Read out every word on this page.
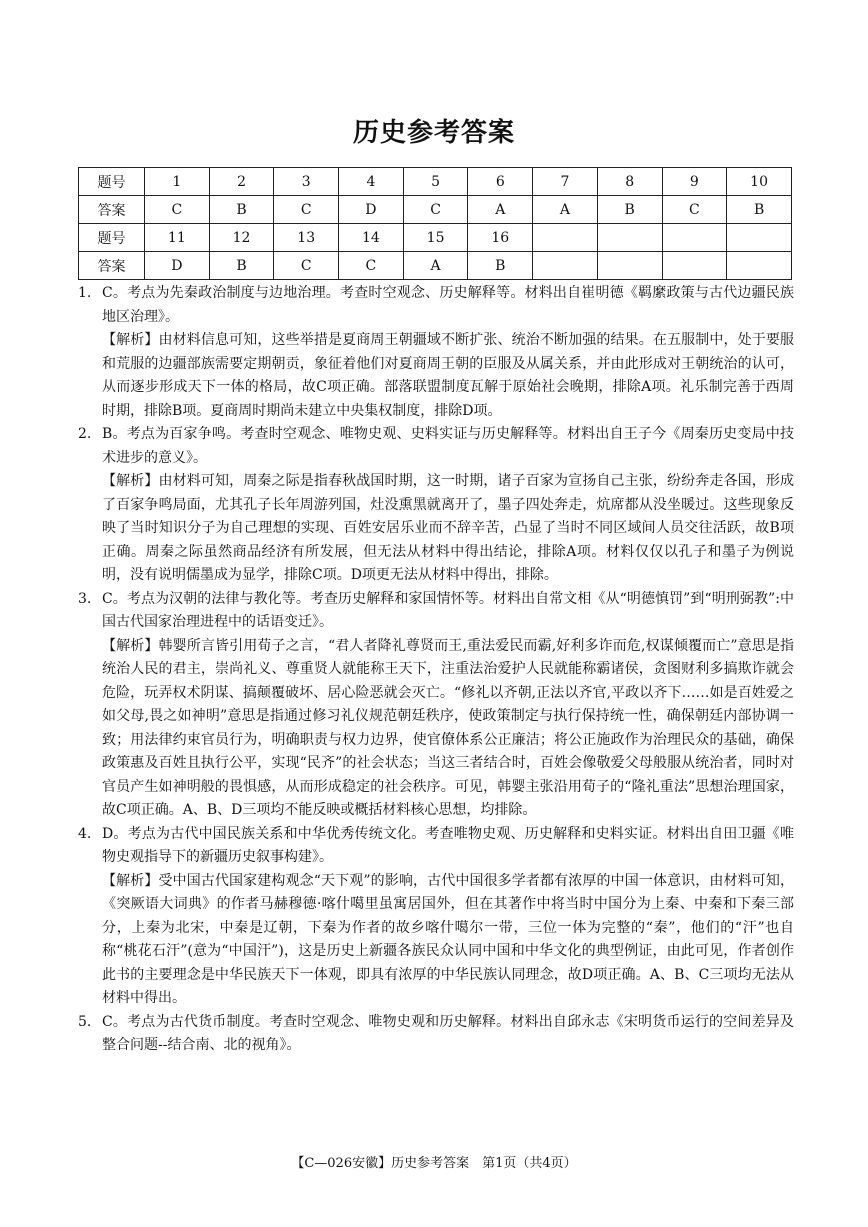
历史参考答案
题号	1	2	3	4	5	6	7	8	9	10
答案	C	B	C	D	C	A	A	B	C	B
题号	11	12	13	14	15	16				
答案	D	B	C	C	A	B				
1. C。考点为先秦政治制度与边地治理。考查时空观念、历史解释等。材料出自崔明德《羁縻政策与古代边疆民族地区治理》。

【解析】由材料信息可知，这些举措是夏商周王朝疆域不断扩张、统治不断加强的结果。在五服制中，处于要服和荒服的边疆部族需要定期朝贡，象征着他们对夏商周王朝的臣服及从属关系，并由此形成对王朝统治的认可，从而逐步形成天下一体的格局，故C项正确。部落联盟制度瓦解于原始社会晚期，排除A项。礼乐制完善于西周时期，排除B项。夏商周时期尚未建立中央集权制度，排除D项。

2. B。考点为百家争鸣。考查时空观念、唯物史观、史料实证与历史解释等。材料出自王子今《周秦历史变局中技术进步的意义》。

【解析】由材料可知，周秦之际是指春秋战国时期，这一时期，诸子百家为宣扬自己主张，纷纷奔走各国，形成了百家争鸣局面，尤其孔子长年周游列国，灶没熏黑就离开了，墨子四处奔走，炕席都从没坐暖过。这些现象反映了当时知识分子为自己理想的实现、百姓安居乐业而不辞辛苦，凸显了当时不同区域间人员交往活跃，故B项正确。周秦之际虽然商品经济有所发展，但无法从材料中得出结论，排除A项。材料仅仅以孔子和墨子为例说明，没有说明儒墨成为显学，排除C项。D项更无法从材料中得出，排除。

3. C。考点为汉朝的法律与教化等。考查历史解释和家国情怀等。材料出自常文相《从“明德慎罚”到“明刑弼教”:中国古代国家治理进程中的话语变迁》。

【解析】韩婴所言皆引用荀子之言，“君人者降礼尊贤而王,重法爱民而霸,好利多诈而危,权谋倾覆而亡”意思是指统治人民的君主，崇尚礼义、尊重贤人就能称王天下，注重法治爱护人民就能称霸诸侯，贪图财利多搞欺诈就会危险，玩弄权术阴谋、搞颠覆破坏、居心险恶就会灭亡。“修礼以齐朝,正法以齐官,平政以齐下……如是百姓爱之如父母,畏之如神明”意思是指通过修习礼仪规范朝廷秩序，使政策制定与执行保持统一性，确保朝廷内部协调一致；用法律约束官员行为，明确职责与权力边界，使官僚体系公正廉洁；将公正施政作为治理民众的基础，确保政策惠及百姓且执行公平，实现“民齐”的社会状态；当这三者结合时，百姓会像敬爱父母般服从统治者，同时对官员产生如神明般的畏惧感，从而形成稳定的社会秩序。可见，韩婴主张沿用荀子的“隆礼重法”思想治理国家，故C项正确。A、B、D三项均不能反映或概括材料核心思想，均排除。

4. D。考点为古代中国民族关系和中华优秀传统文化。考查唯物史观、历史解释和史料实证。材料出自田卫疆《唯物史观指导下的新疆历史叙事构建》。

【解析】受中国古代国家建构观念“天下观”的影响，古代中国很多学者都有浓厚的中国一体意识，由材料可知，《突厥语大词典》的作者马赫穆德·喀什噶里虽寓居国外，但在其著作中将当时中国分为上秦、中秦和下秦三部分，上秦为北宋，中秦是辽朝，下秦为作者的故乡喀什噶尔一带，三位一体为完整的“秦”，他们的“汗”也自称“桃花石汗”(意为“中国汗”)，这是历史上新疆各族民众认同中国和中华文化的典型例证，由此可见，作者创作此书的主要理念是中华民族天下一体观，即具有浓厚的中华民族认同理念，故D项正确。A、B、C三项均无法从材料中得出。

5. C。考点为古代货币制度。考查时空观念、唯物史观和历史解释。材料出自邱永志《宋明货币运行的空间差异及整合问题--结合南、北的视角》。

【C—026安徽】历史参考答案　第1页（共4页）
